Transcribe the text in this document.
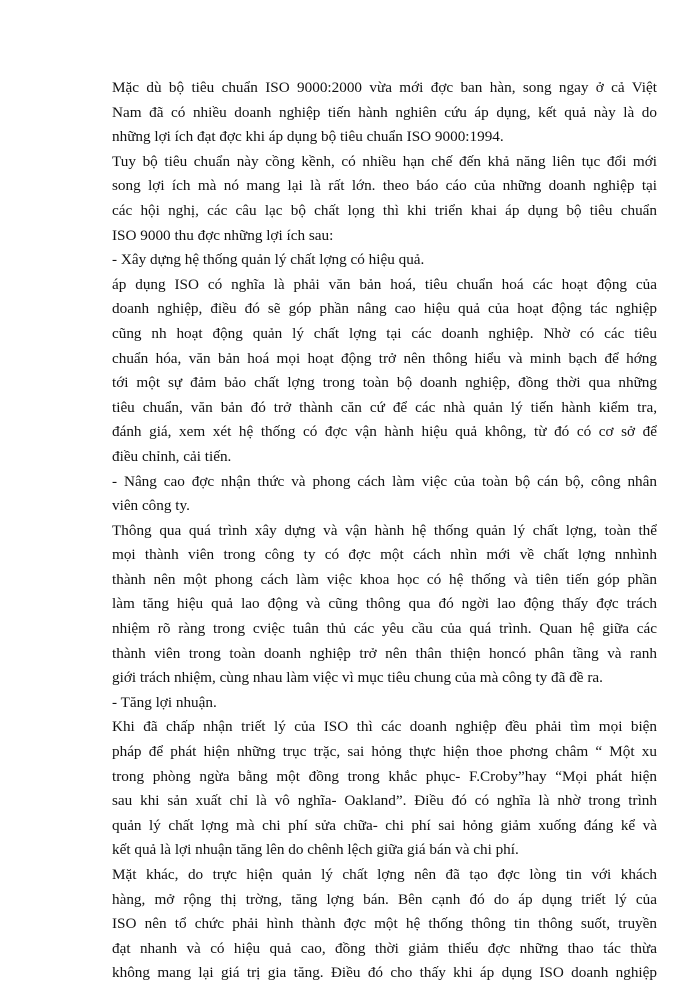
Mặc dù bộ tiêu chuẩn ISO 9000:2000 vừa mới đợc ban hàn, song ngay ở cả Việt
Nam đã có nhiều doanh nghiệp tiến hành nghiên cứu áp dụng, kết quả này là do
những lợi ích đạt đợc khi áp dụng bộ tiêu chuẩn ISO 9000:1994.
Tuy bộ tiêu chuẩn này cồng kềnh, có nhiều hạn chế đến khả năng liên tục đổi mới
song lợi ích mà nó mang lại là rất lớn. theo báo cáo của những doanh nghiệp tại
các hội nghị, các câu lạc bộ chất lọng thì khi triển khai áp dụng bộ tiêu chuẩn
ISO 9000 thu đợc những lợi ích sau:
- Xây dựng hệ thống quản lý chất lợng có hiệu quả.
áp dụng ISO có nghĩa là phải văn bản hoá, tiêu chuẩn hoá các hoạt động của
doanh nghiệp, điều đó sẽ góp phần nâng cao hiệu quả của hoạt động tác nghiệp
cũng nh hoạt động quản lý chất lợng tại các doanh nghiệp. Nhờ có các tiêu
chuẩn hóa, văn bản hoá mọi hoạt động trở nên thông hiểu và minh bạch để hớng
tới một sự đảm bảo chất lợng trong toàn bộ doanh nghiệp, đồng thời qua những
tiêu chuẩn, văn bản đó trở thành căn cứ để các nhà quản lý tiến hành kiểm tra,
đánh giá, xem xét hệ thống có đợc vận hành hiệu quả không, từ đó có cơ sở để
điều chỉnh, cải tiến.
- Nâng cao đợc nhận thức và phong cách làm việc của toàn bộ cán bộ, công nhân
viên công ty.
Thông qua quá trình xây dựng và vận hành hệ thống quản lý chất lợng, toàn thể
mọi thành viên trong công ty có đợc một cách nhìn mới về chất lợng nnhình
thành nên một phong cách làm việc khoa học có hệ thống và tiên tiến góp phần
làm tăng hiệu quả lao động và cũng thông qua đó ngời lao động thấy đợc trách
nhiệm rõ ràng trong cviệc tuân thủ các yêu cầu của quá trình. Quan hệ giữa các
thành viên trong toàn doanh nghiệp trở nên thân thiện honcó phân tầng và ranh
giới trách nhiệm, cùng nhau làm việc vì mục tiêu chung của mà công ty đã đề ra.
- Tăng lợi nhuận.
Khi đã chấp nhận triết lý của ISO thì các doanh nghiệp đều phải tìm mọi biện
pháp để phát hiện những trục trặc, sai hỏng thực hiện thoe phơng châm “ Một xu
trong phòng ngừa bằng một đồng trong khắc phục- F.Croby”hay “Mọi phát hiện
sau khi sản xuất chỉ là vô nghĩa- Oakland”. Điều đó có nghĩa là nhờ trong trình
quản lý chất lợng mà chi phí sửa chữa- chi phí sai hỏng giảm xuống đáng kể và
kết quả là lợi nhuận tăng lên do chênh lệch giữa giá bán và chi phí.
Mặt khác, do trực hiện quản lý chất lợng nên đã tạo đợc lòng tin với khách
hàng, mở rộng thị trờng, tăng lợng bán. Bên cạnh đó do áp dụng triết lý của
ISO nên tổ chức phải hình thành đợc một hệ thống thông tin thông suốt, truyền
đạt nhanh và có hiệu quả cao, đồng thời giảm thiểu đợc những thao tác thừa
không mang lại giá trị gia tăng. Điều đó cho thấy khi áp dụng ISO doanh nghiệp
